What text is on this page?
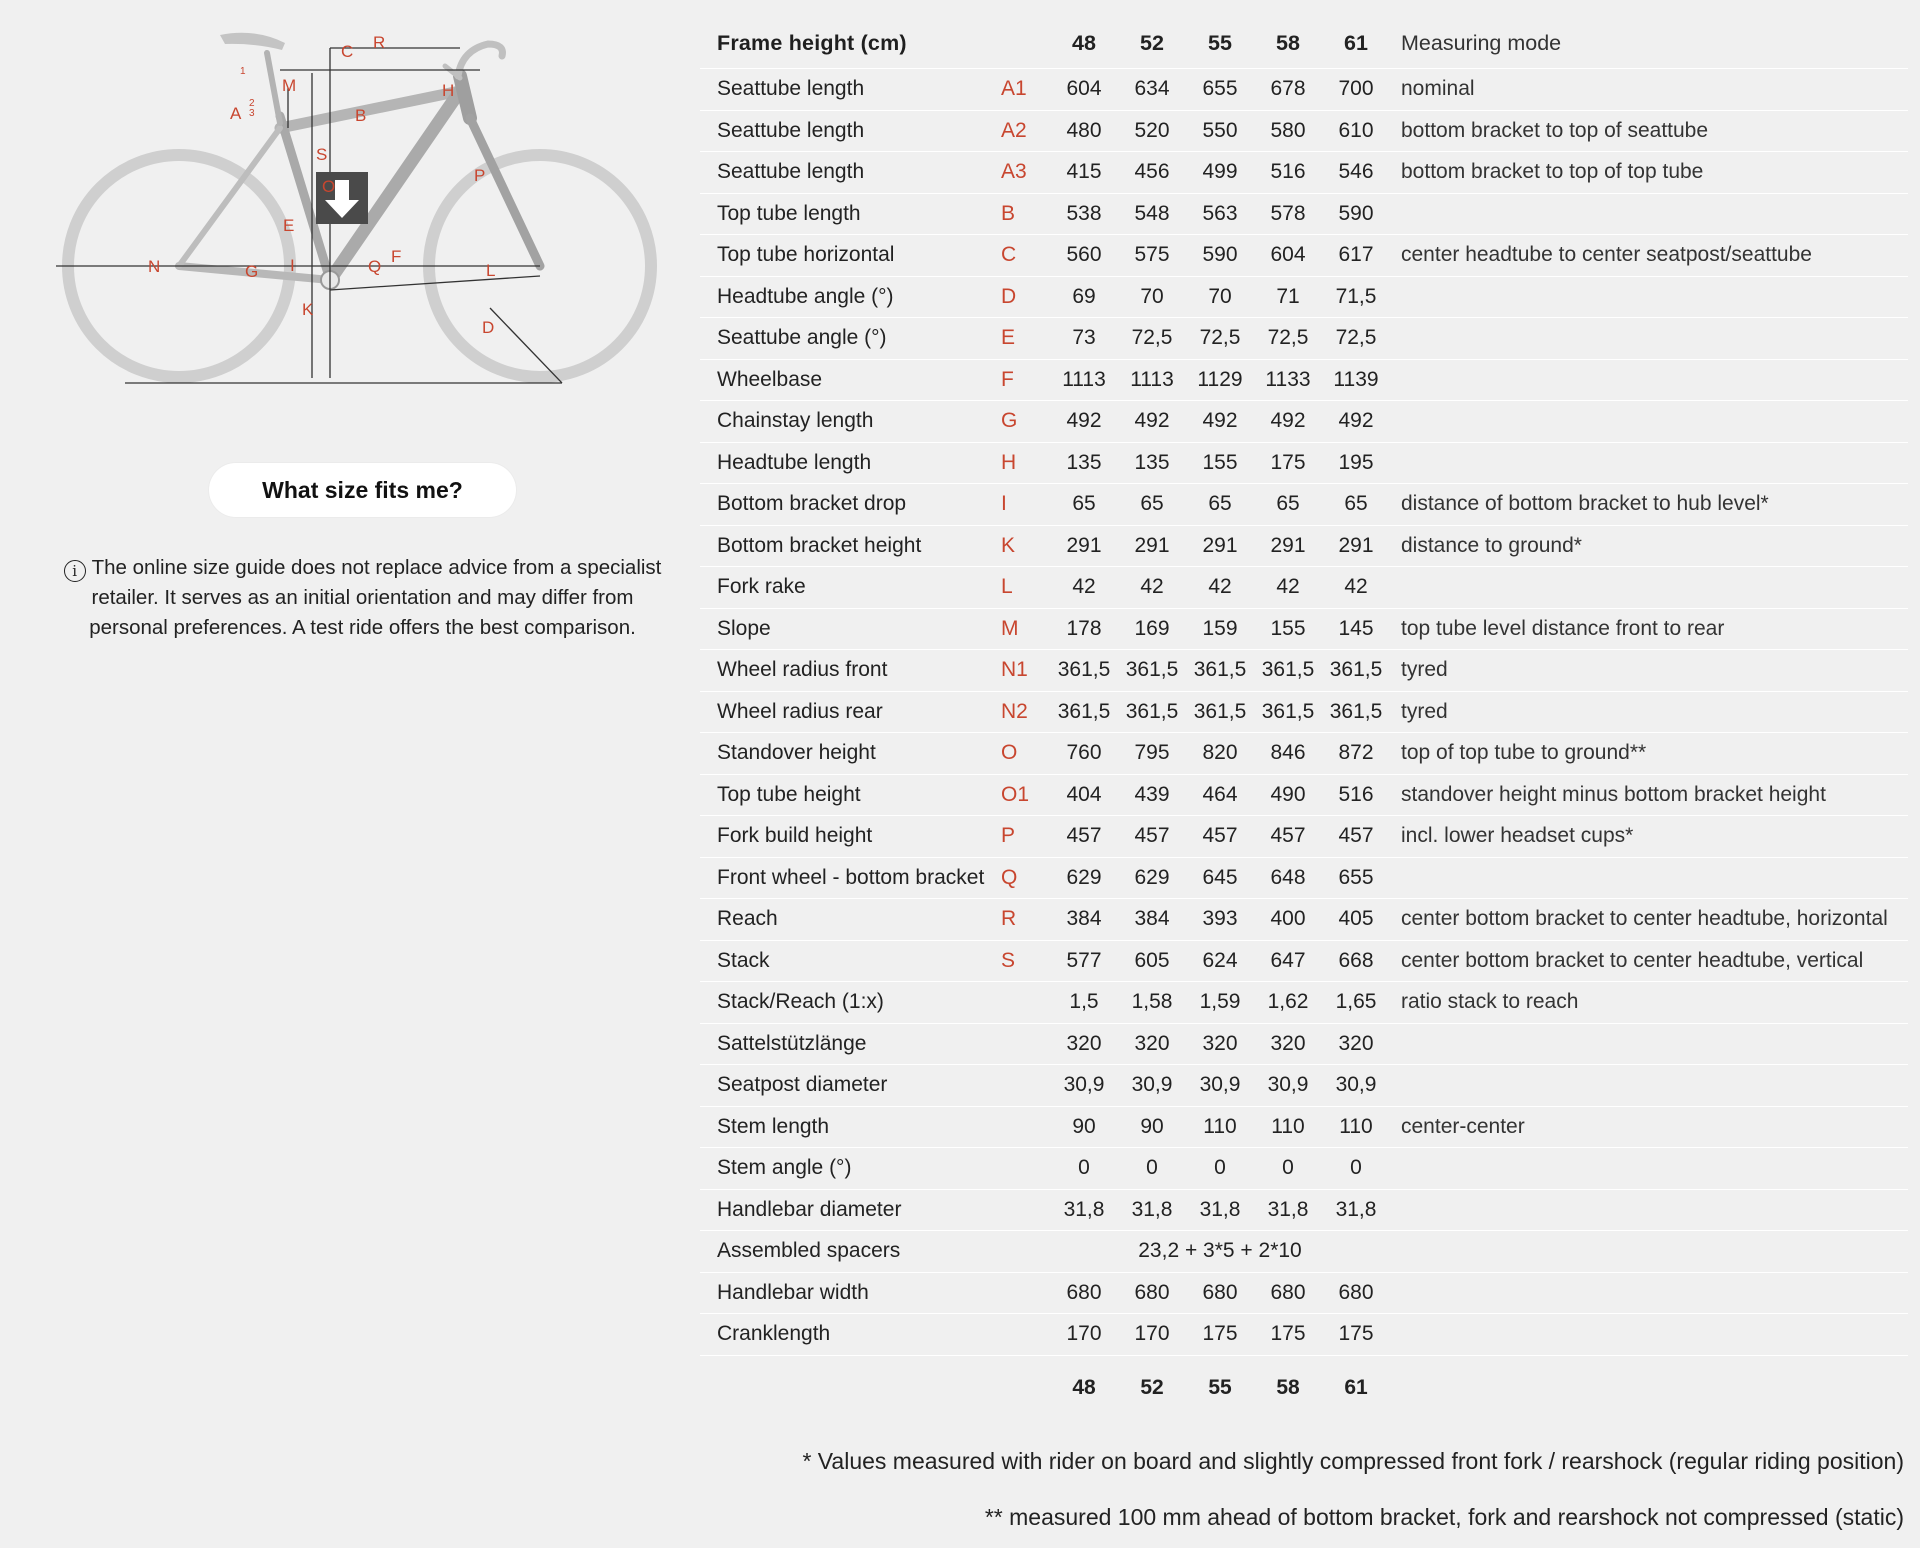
R
C
M
A
H
B
S
O
P
E
N	G I	F
Q	L
K
D
1
2
3
What size fits me?
i The online size guide does not replace advice from a specialist retailer. It serves as an initial orientation and may differ from personal preferences. A test ride offers the best comparison.
Frame height (cm)		48	52	55	58	61	Measuring mode
Seattube length	A1	604	634	655	678	700	nominal
Seattube length	A2	480	520	550	580	610	bottom bracket to top of seattube
Seattube length	A3	415	456	499	516	546	bottom bracket to top of top tube
Top tube length	B	538	548	563	578	590	
Top tube horizontal	C	560	575	590	604	617	center headtube to center seatpost/seattube
Headtube angle (°)	D	69	70	70	71	71,5	
Seattube angle (°)	E	73	72,5	72,5	72,5	72,5	
Wheelbase	F	1113	1113	1129	1133	1139	
Chainstay length	G	492	492	492	492	492	
Headtube length	H	135	135	155	175	195	
Bottom bracket drop	I	65	65	65	65	65	distance of bottom bracket to hub level*
Bottom bracket height	K	291	291	291	291	291	distance to ground*
Fork rake	L	42	42	42	42	42	
Slope	M	178	169	159	155	145	top tube level distance front to rear
Wheel radius front	N1	361,5	361,5	361,5	361,5	361,5	tyred
Wheel radius rear	N2	361,5	361,5	361,5	361,5	361,5	tyred
Standover height	O	760	795	820	846	872	top of top tube to ground**
Top tube height	O1	404	439	464	490	516	standover height minus bottom bracket height
Fork build height	P	457	457	457	457	457	incl. lower headset cups*
Front wheel - bottom bracket	Q	629	629	645	648	655	
Reach	R	384	384	393	400	405	center bottom bracket to center headtube, horizontal
Stack	S	577	605	624	647	668	center bottom bracket to center headtube, vertical
Stack/Reach (1:x)		1,5	1,58	1,59	1,62	1,65	ratio stack to reach
Sattelstützlänge		320	320	320	320	320	
Seatpost diameter		30,9	30,9	30,9	30,9	30,9	
Stem length		90	90	110	110	110	center-center
Stem angle (°)		0	0	0	0	0	
Handlebar diameter		31,8	31,8	31,8	31,8	31,8	
Assembled spacers		23,2 + 3*5 + 2*10					
Handlebar width		680	680	680	680	680	
Cranklength		170	170	175	175	175	
		48	52	55	58	61	
* Values measured with rider on board and slightly compressed front fork / rearshock (regular riding position)
** measured 100 mm ahead of bottom bracket, fork and rearshock not compressed (static)
